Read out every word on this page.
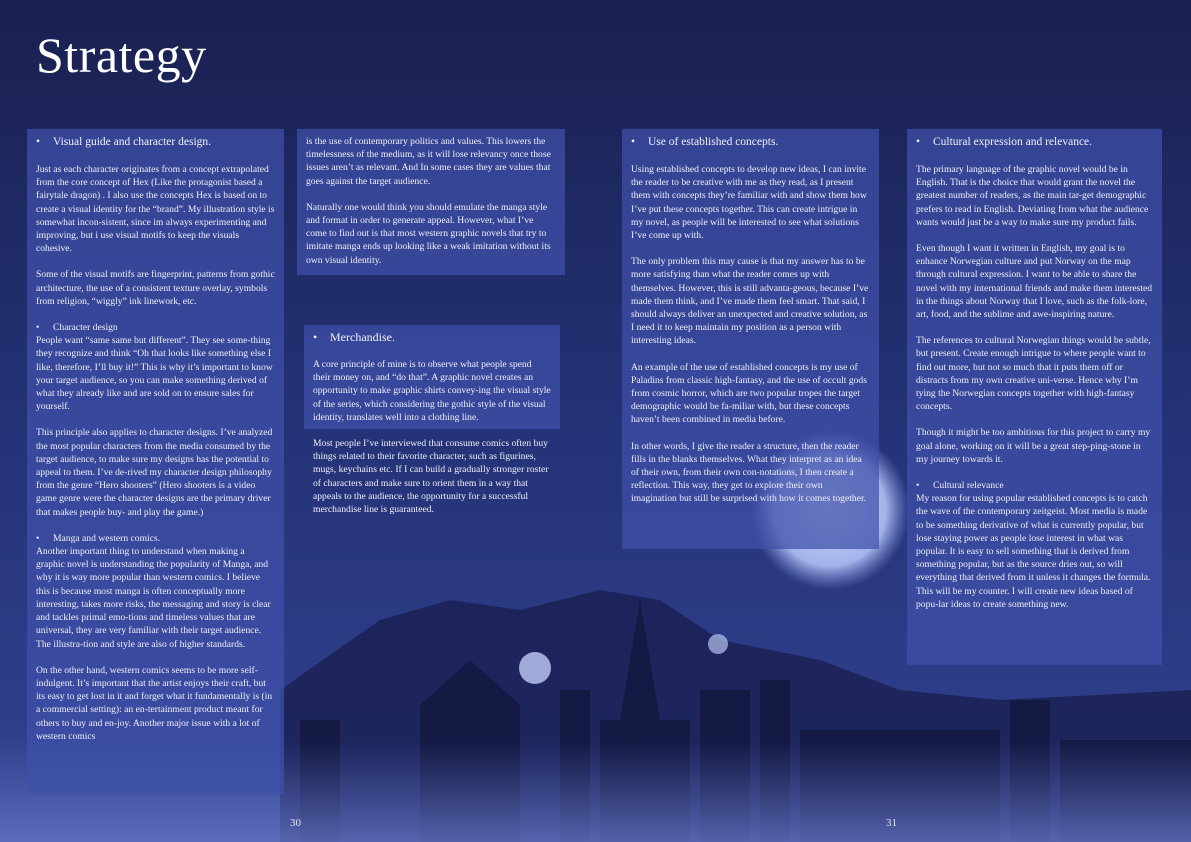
Strategy
•	Visual guide and character design.

Just as each character originates from a concept extrapolated from the core concept of Hex (Like the protagonist based a fairytale dragon) . I also use the concepts Hex is based on to create a visual identity for the “brand”. My illustration style is somewhat incon-sistent, since im always experimenting and improving, but i use visual motifs to keep the visuals cohesive.

Some of the visual motifs are fingerprint, patterns from gothic architecture, the use of a consistent texture overlay, symbols from religion, “wiggly” ink linework, etc.

•	Character design

People want “same same but different”. They see some-thing they recognize and think “Oh that looks like something else I like, therefore, I’ll buy it!” This is why it’s important to know your target audience, so you can make something derived of what they already like and are sold on to ensure sales for yourself.

This principle also applies to character designs. I’ve analyzed the most popular characters from the media consumed by the target audience, to make sure my designs has the potential to appeal to them. I’ve de-rived my character design philosophy from the genre “Hero shooters” (Hero shooters is a video game genre were the character designs are the primary driver that makes people buy- and play the game.)

•	Manga and western comics.

Another important thing to understand when making a graphic novel is understanding the popularity of Manga, and why it is way more popular than western comics. I believe this is because most manga is often conceptually more interesting, takes more risks, the messaging and story is clear and tackles primal emo-tions and timeless values that are universal, they are very familiar with their target audience. The illustra-tion and style are also of higher standards.

On the other hand, western comics seems to be more self-indulgent. It’s important that the artist enjoys their craft, but its easy to get lost in it and forget what it fundamentally is (in a commercial setting): an en-tertainment product meant for others to buy and en-joy. Another major issue with a lot of western comics

is the use of contemporary politics and values. This lowers the timelessness of the medium, as it will lose relevancy once those issues aren’t as relevant. And In some cases they are values that goes against the target audience.

Naturally one would think you should emulate the manga style and format in order to generate appeal. However, what I’ve come to find out is that most western graphic novels that try to imitate manga ends up looking like a weak imitation without its own visual identity.

•	Merchandise.

A core principle of mine is to observe what people spend their money on, and “do that”. A graphic novel creates an opportunity to make graphic shirts convey-ing the visual style of the series, which considering the gothic style of the visual identity, translates well into a clothing line.

Most people I’ve interviewed that consume comics often buy things related to their favorite character, such as figurines, mugs, keychains etc. If I can build a gradually stronger roster of characters and make sure to orient them in a way that appeals to the audience, the opportunity for a successful merchandise line is guaranteed.

•	Use of established concepts.

Using established concepts to develop new ideas, I can invite the reader to be creative with me as they read, as I present them with concepts they’re familiar with and show them how I’ve put these concepts together. This can create intrigue in my novel, as people will be interested to see what solutions I’ve come up with.

The only problem this may cause is that my answer has to be more satisfying than what the reader comes up with themselves. However, this is still advanta-geous, because I’ve made them think, and I’ve made them feel smart. That said, I should always deliver an unexpected and creative solution, as I need it to keep maintain my position as a person with interesting ideas.

An example of the use of established concepts is my use of Paladins from classic high-fantasy, and the use of occult gods from cosmic horror, which are two popular tropes the target demographic would be fa-miliar with, but these concepts haven’t been combined in media before.

In other words, I give the reader a structure, then the reader fills in the blanks themselves. What they interpret as an idea of their own, from their own con-notations, I then create a reflection. This way, they get to explore their own imagination but still be surprised with how it comes together.

•	Cultural expression and relevance.

The primary language of the graphic novel would be in English. That is the choice that would grant the novel the greatest number of readers, as the main tar-get demographic prefers to read in English. Deviating from what the audience wants would just be a way to make sure my product fails.

Even though I want it written in English, my goal is to enhance Norwegian culture and put Norway on the map through cultural expression. I want to be able to share the novel with my international friends and make them interested in the things about Norway that I love, such as the folk-lore, art, food, and the sublime and awe-inspiring nature.

The references to cultural Norwegian things would be subtle, but present. Create enough intrigue to where people want to find out more, but not so much that it puts them off or distracts from my own creative uni-verse. Hence why I’m tying the Norwegian concepts together with high-fantasy concepts.

Though it might be too ambitious for this project to carry my goal alone, working on it will be a great step-ping-stone in my journey towards it.

•	Cultural relevance

My reason for using popular established concepts is to catch the wave of the contemporary zeitgeist. Most media is made to be something derivative of what is currently popular, but lose staying power as people lose interest in what was popular. It is easy to sell something that is derived from something popular, but as the source dries out, so will everything that derived from it unless it changes the formula. This will be my counter. I will create new ideas based of popu-lar ideas to create something new.

30	31
